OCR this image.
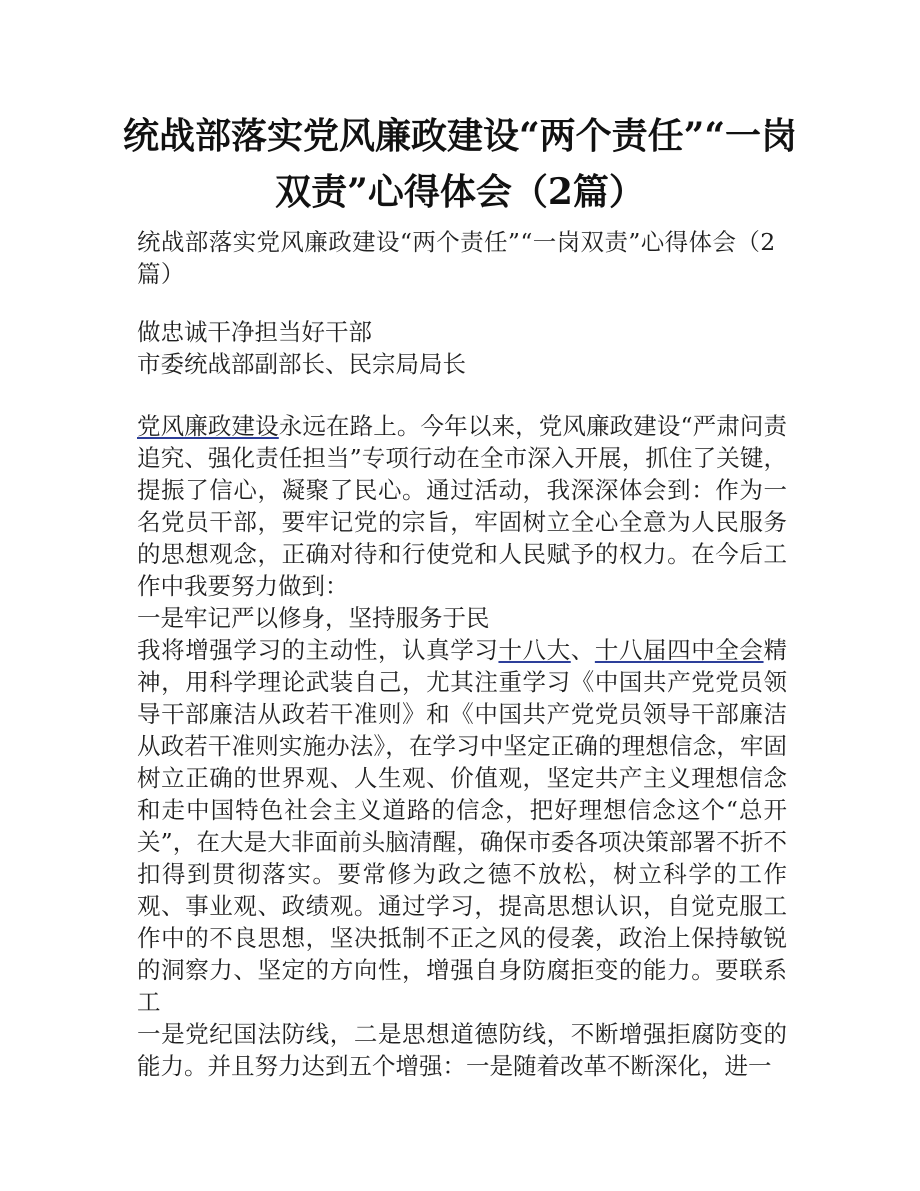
统战部落实党风廉政建设“两个责任”“一岗双责”心得体会（2篇）
统战部落实党风廉政建设“两个责任”“一岗双责”心得体会（2篇）
做忠诚干净担当好干部
市委统战部副部长、民宗局局长

党风廉政建设永远在路上。今年以来，党风廉政建设“严肃问责追究、强化责任担当”专项行动在全市深入开展，抓住了关键，提振了信心，凝聚了民心。通过活动，我深深体会到：作为一名党员干部，要牢记党的宗旨，牢固树立全心全意为人民服务的思想观念，正确对待和行使党和人民赋予的权力。在今后工作中我要努力做到：

一是牢记严以修身，坚持服务于民

我将增强学习的主动性，认真学习十八大、十八届四中全会精神，用科学理论武装自己，尤其注重学习《中国共产党党员领导干部廉洁从政若干准则》和《中国共产党党员领导干部廉洁从政若干准则实施办法》，在学习中坚定正确的理想信念，牢固树立正确的世界观、人生观、价值观，坚定共产主义理想信念和走中国特色社会主义道路的信念，把好理想信念这个“总开关”，在大是大非面前头脑清醒，确保市委各项决策部署不折不扣得到贯彻落实。要常修为政之德不放松，树立科学的工作观、事业观、政绩观。通过学习，提高思想认识，自觉克服工作中的不良思想，坚决抵制不正之风的侵袭，政治上保持敏锐的洞察力、坚定的方向性，增强自身防腐拒变的能力。要联系工

一是党纪国法防线，二是思想道德防线，不断增强拒腐防变的能力。并且努力达到五个增强：一是随着改革不断深化，进一
